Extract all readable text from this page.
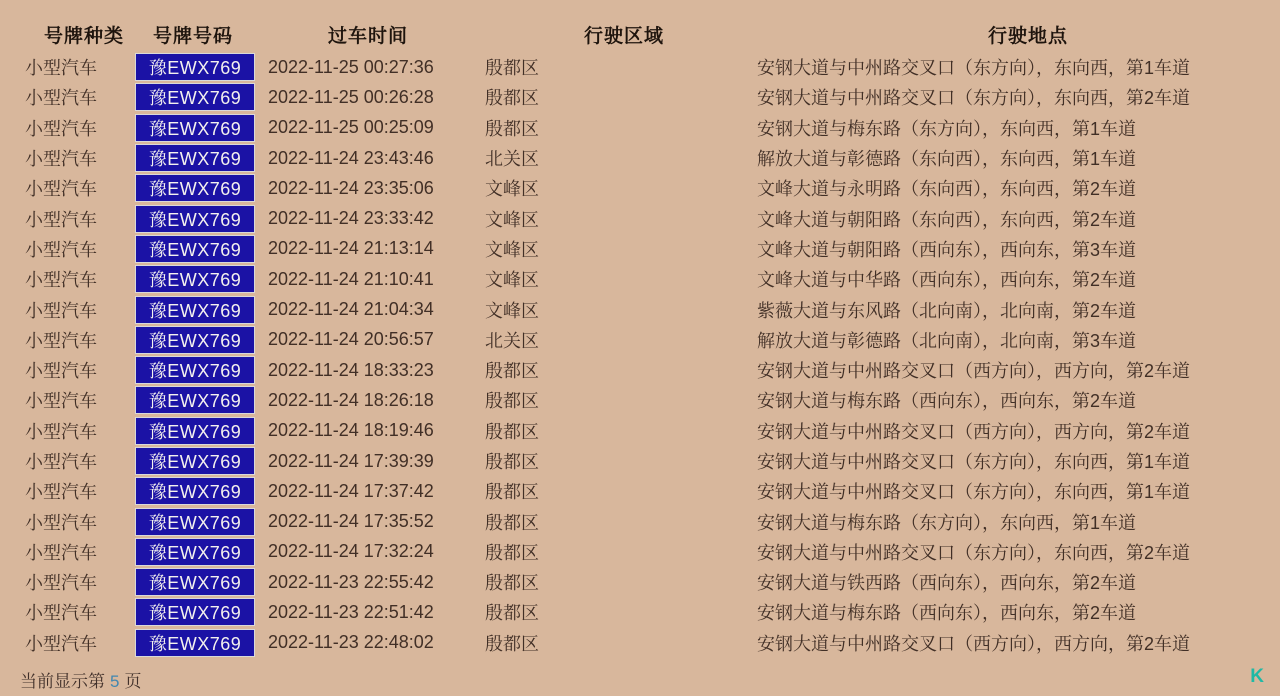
号牌种类 号牌号码	过车时间	行驶区域	行驶地点
小型汽车	豫EWX769	2022-11-25 00:27:36	殷都区	安钢大道与中州路交叉口（东方向），东向西，第1车道
小型汽车	豫EWX769	2022-11-25 00:26:28	殷都区	安钢大道与中州路交叉口（东方向），东向西，第2车道
小型汽车	豫EWX769	2022-11-25 00:25:09	殷都区	安钢大道与梅东路（东方向），东向西，第1车道
小型汽车	豫EWX769	2022-11-24 23:43:46	北关区	解放大道与彰德路（东向西），东向西，第1车道
小型汽车	豫EWX769	2022-11-24 23:35:06	文峰区	文峰大道与永明路（东向西），东向西，第2车道
小型汽车	豫EWX769	2022-11-24 23:33:42	文峰区	文峰大道与朝阳路（东向西），东向西，第2车道
小型汽车	豫EWX769	2022-11-24 21:13:14	文峰区	文峰大道与朝阳路（西向东），西向东，第3车道
小型汽车	豫EWX769	2022-11-24 21:10:41	文峰区	文峰大道与中华路（西向东），西向东，第2车道
小型汽车	豫EWX769	2022-11-24 21:04:34	文峰区	紫薇大道与东风路（北向南），北向南，第2车道
小型汽车	豫EWX769	2022-11-24 20:56:57	北关区	解放大道与彰德路（北向南），北向南，第3车道
小型汽车	豫EWX769	2022-11-24 18:33:23	殷都区	安钢大道与中州路交叉口（西方向），西方向，第2车道
小型汽车	豫EWX769	2022-11-24 18:26:18	殷都区	安钢大道与梅东路（西向东），西向东，第2车道
小型汽车	豫EWX769	2022-11-24 18:19:46	殷都区	安钢大道与中州路交叉口（西方向），西方向，第2车道
小型汽车	豫EWX769	2022-11-24 17:39:39	殷都区	安钢大道与中州路交叉口（东方向），东向西，第1车道
小型汽车	豫EWX769	2022-11-24 17:37:42	殷都区	安钢大道与中州路交叉口（东方向），东向西，第1车道
小型汽车	豫EWX769	2022-11-24 17:35:52	殷都区	安钢大道与梅东路（东方向），东向西，第1车道
小型汽车	豫EWX769	2022-11-24 17:32:24	殷都区	安钢大道与中州路交叉口（东方向），东向西，第2车道
小型汽车	豫EWX769	2022-11-23 22:55:42	殷都区	安钢大道与铁西路（西向东），西向东，第2车道
小型汽车	豫EWX769	2022-11-23 22:51:42	殷都区	安钢大道与梅东路（西向东），西向东，第2车道
小型汽车	豫EWX769	2022-11-23 22:48:02	殷都区	安钢大道与中州路交叉口（西方向），西方向，第2车道
当前显示第 5 页	K
